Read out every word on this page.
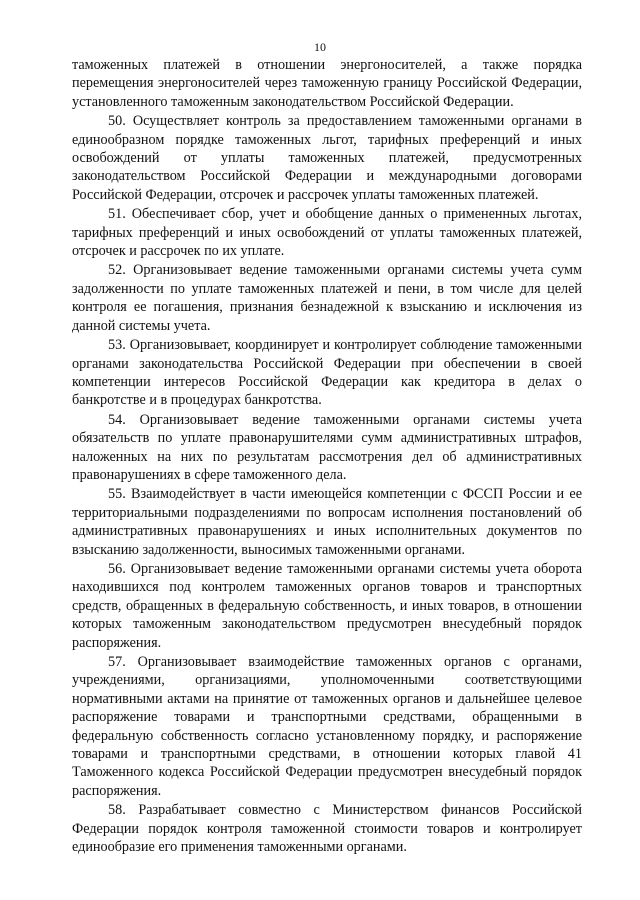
10

таможенных платежей в отношении энергоносителей, а также порядка перемещения энергоносителей через таможенную границу Российской Федерации, установленного таможенным законодательством Российской Федерации.

50. Осуществляет контроль за предоставлением таможенными органами в единообразном порядке таможенных льгот, тарифных преференций и иных освобождений от уплаты таможенных платежей, предусмотренных законодательством Российской Федерации и международными договорами Российской Федерации, отсрочек и рассрочек уплаты таможенных платежей.

51. Обеспечивает сбор, учет и обобщение данных о примененных льготах, тарифных преференций и иных освобождений от уплаты таможенных платежей, отсрочек и рассрочек по их уплате.

52. Организовывает ведение таможенными органами системы учета сумм задолженности по уплате таможенных платежей и пени, в том числе для целей контроля ее погашения, признания безнадежной к взысканию и исключения из данной системы учета.

53. Организовывает, координирует и контролирует соблюдение таможенными органами законодательства Российской Федерации при обеспечении в своей компетенции интересов Российской Федерации как кредитора в делах о банкротстве и в процедурах банкротства.

54. Организовывает ведение таможенными органами системы учета обязательств по уплате правонарушителями сумм административных штрафов, наложенных на них по результатам рассмотрения дел об административных правонарушениях в сфере таможенного дела.

55. Взаимодействует в части имеющейся компетенции с ФССП России и ее территориальными подразделениями по вопросам исполнения постановлений об административных правонарушениях и иных исполнительных документов по взысканию задолженности, выносимых таможенными органами.

56. Организовывает ведение таможенными органами системы учета оборота находившихся под контролем таможенных органов товаров и транспортных средств, обращенных в федеральную собственность, и иных товаров, в отношении которых таможенным законодательством предусмотрен внесудебный порядок распоряжения.

57. Организовывает взаимодействие таможенных органов с органами, учреждениями, организациями, уполномоченными соответствующими нормативными актами на принятие от таможенных органов и дальнейшее целевое распоряжение товарами и транспортными средствами, обращенными в федеральную собственность согласно установленному порядку, и распоряжение товарами и транспортными средствами, в отношении которых главой 41 Таможенного кодекса Российской Федерации предусмотрен внесудебный порядок распоряжения.

58. Разрабатывает совместно с Министерством финансов Российской Федерации порядок контроля таможенной стоимости товаров и контролирует единообразие его применения таможенными органами.
